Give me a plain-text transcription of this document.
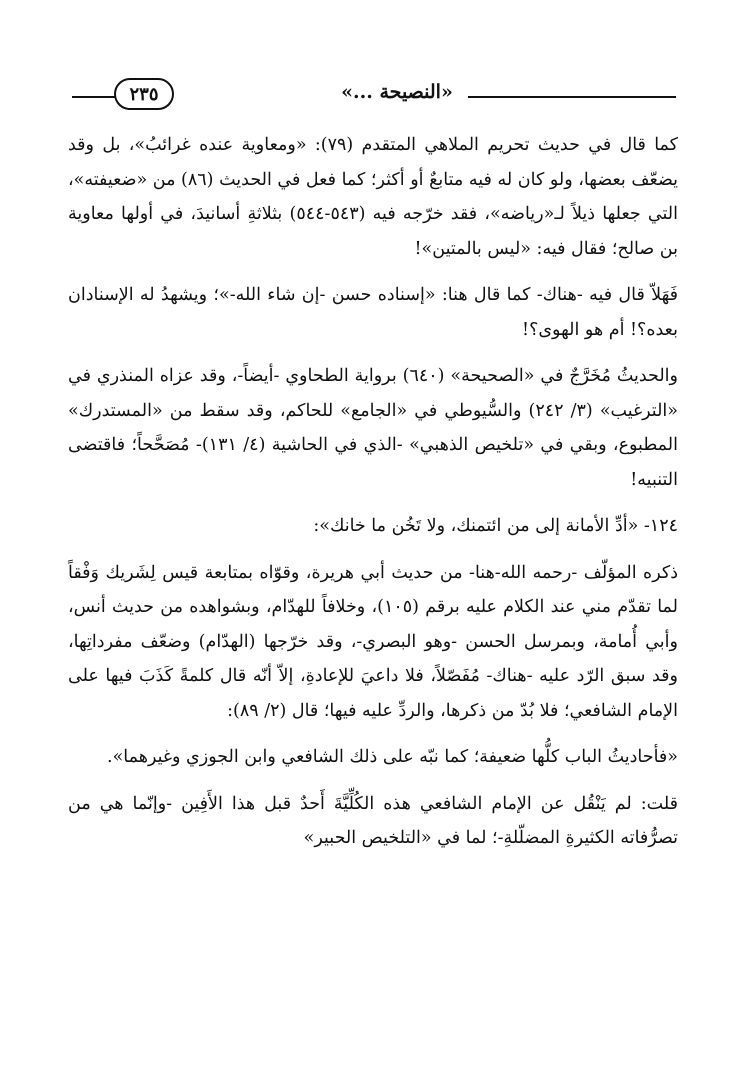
٢٣٥	«النصيحة ...»

كما قال في حديث تحريم الملاهي المتقدم (٧٩): «ومعاوية عنده غرائبُ»، بل وقد يضعّف بعضها، ولو كان له فيه متابعٌ أو أكثر؛ كما فعل في الحديث (٨٦) من «ضعيفته»، التي جعلها ذيلاً لـ«رياضه»، فقد خرّجه فيه (٥٤٣-٥٤٤) بثلاثةِ أسانيدَ، في أولها معاوية بن صالح؛ فقال فيه: «ليس بالمتين»!

فَهَلاّ قال فيه -هناك- كما قال هنا: «إسناده حسن -إن شاء الله-»؛ ويشهدُ له الإسنادان بعده؟! أم هو الهوى؟!

والحديثُ مُخَرَّجٌ في «الصحيحة» (٦٤٠) برواية الطحاوي -أيضاً-، وقد عزاه المنذري في «الترغيب» (٣/ ٢٤٢) والسُّيوطي في «الجامع» للحاكم، وقد سقط من «المستدرك» المطبوع، وبقي في «تلخيص الذهبي» -الذي في الحاشية (٤/ ١٣١)- مُصَحَّحاً؛ فاقتضى التنبيه!

١٢٤- «أدِّ الأمانة إلى من ائتمنك، ولا تَخُن ما خانك»:

ذكره المؤلّف -رحمه الله-هنا- من حديث أبي هريرة، وقوّاه بمتابعة قيس لِشَريك وَفْقاً لما تقدّم مني عند الكلام عليه برقم (١٠٥)، وخلافاً للهدّام، وبشواهده من حديث أنس، وأبي أُمامة، وبمرسل الحسن -وهو البصري-، وقد خرّجها (الهدّام) وضعّف مفرداتِها، وقد سبق الرّد عليه -هناك- مُفَصّلاً، فلا داعيَ للإعادةِ، إلاّ أنّه قال كلمةً كَذَبَ فيها على الإمام الشافعي؛ فلا بُدّ من ذكرها، والردِّ عليه فيها؛ قال (٢/ ٨٩):

«فأحاديثُ الباب كلُّها ضعيفة؛ كما نبّه على ذلك الشافعي وابن الجوزي وغيرهما».

قلت: لم يَنْقُل عن الإمام الشافعي هذه الكُلِّيَّةَ أَحدٌ قبل هذا الأَفِين -وإنّما هي من تصرُّفاته الكثيرةِ المضلّلةِ-؛ لما في «التلخيص الحبير»
